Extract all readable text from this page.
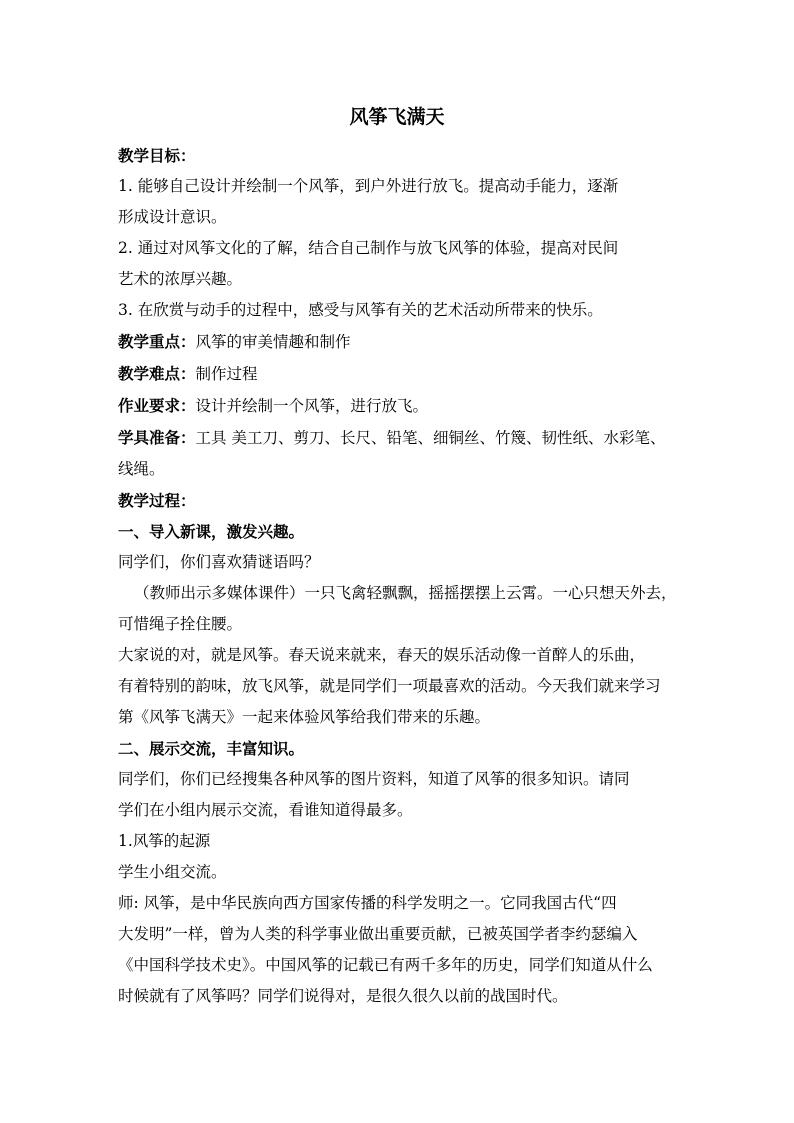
风筝飞满天

教学目标：

1. 能够自己设计并绘制一个风筝，到户外进行放飞。提高动手能力，逐渐

形成设计意识。

2. 通过对风筝文化的了解，结合自己制作与放飞风筝的体验，提高对民间

艺术的浓厚兴趣。

3. 在欣赏与动手的过程中，感受与风筝有关的艺术活动所带来的快乐。

教学重点：风筝的审美情趣和制作

教学难点：制作过程

作业要求：设计并绘制一个风筝，进行放飞。

学具准备：工具 美工刀、剪刀、长尺、铅笔、细铜丝、竹篾、韧性纸、水彩笔、

线绳。

教学过程：

一、导入新课，激发兴趣。

同学们，你们喜欢猜谜语吗？

（教师出示多媒体课件）一只飞禽轻飘飘，摇摇摆摆上云霄。一心只想天外去，

可惜绳子拴住腰。

大家说的对，就是风筝。春天说来就来，春天的娱乐活动像一首醉人的乐曲，

有着特别的韵味，放飞风筝，就是同学们一项最喜欢的活动。今天我们就来学习

第《风筝飞满天》一起来体验风筝给我们带来的乐趣。

二、展示交流，丰富知识。

同学们，你们已经搜集各种风筝的图片资料，知道了风筝的很多知识。请同

学们在小组内展示交流，看谁知道得最多。

1.风筝的起源

学生小组交流。

师: 风筝，是中华民族向西方国家传播的科学发明之一。它同我国古代“四

大发明”一样，曾为人类的科学事业做出重要贡献，已被英国学者李约瑟编入

《中国科学技术史》。中国风筝的记载已有两千多年的历史，同学们知道从什么

时候就有了风筝吗？同学们说得对，是很久很久以前的战国时代。
